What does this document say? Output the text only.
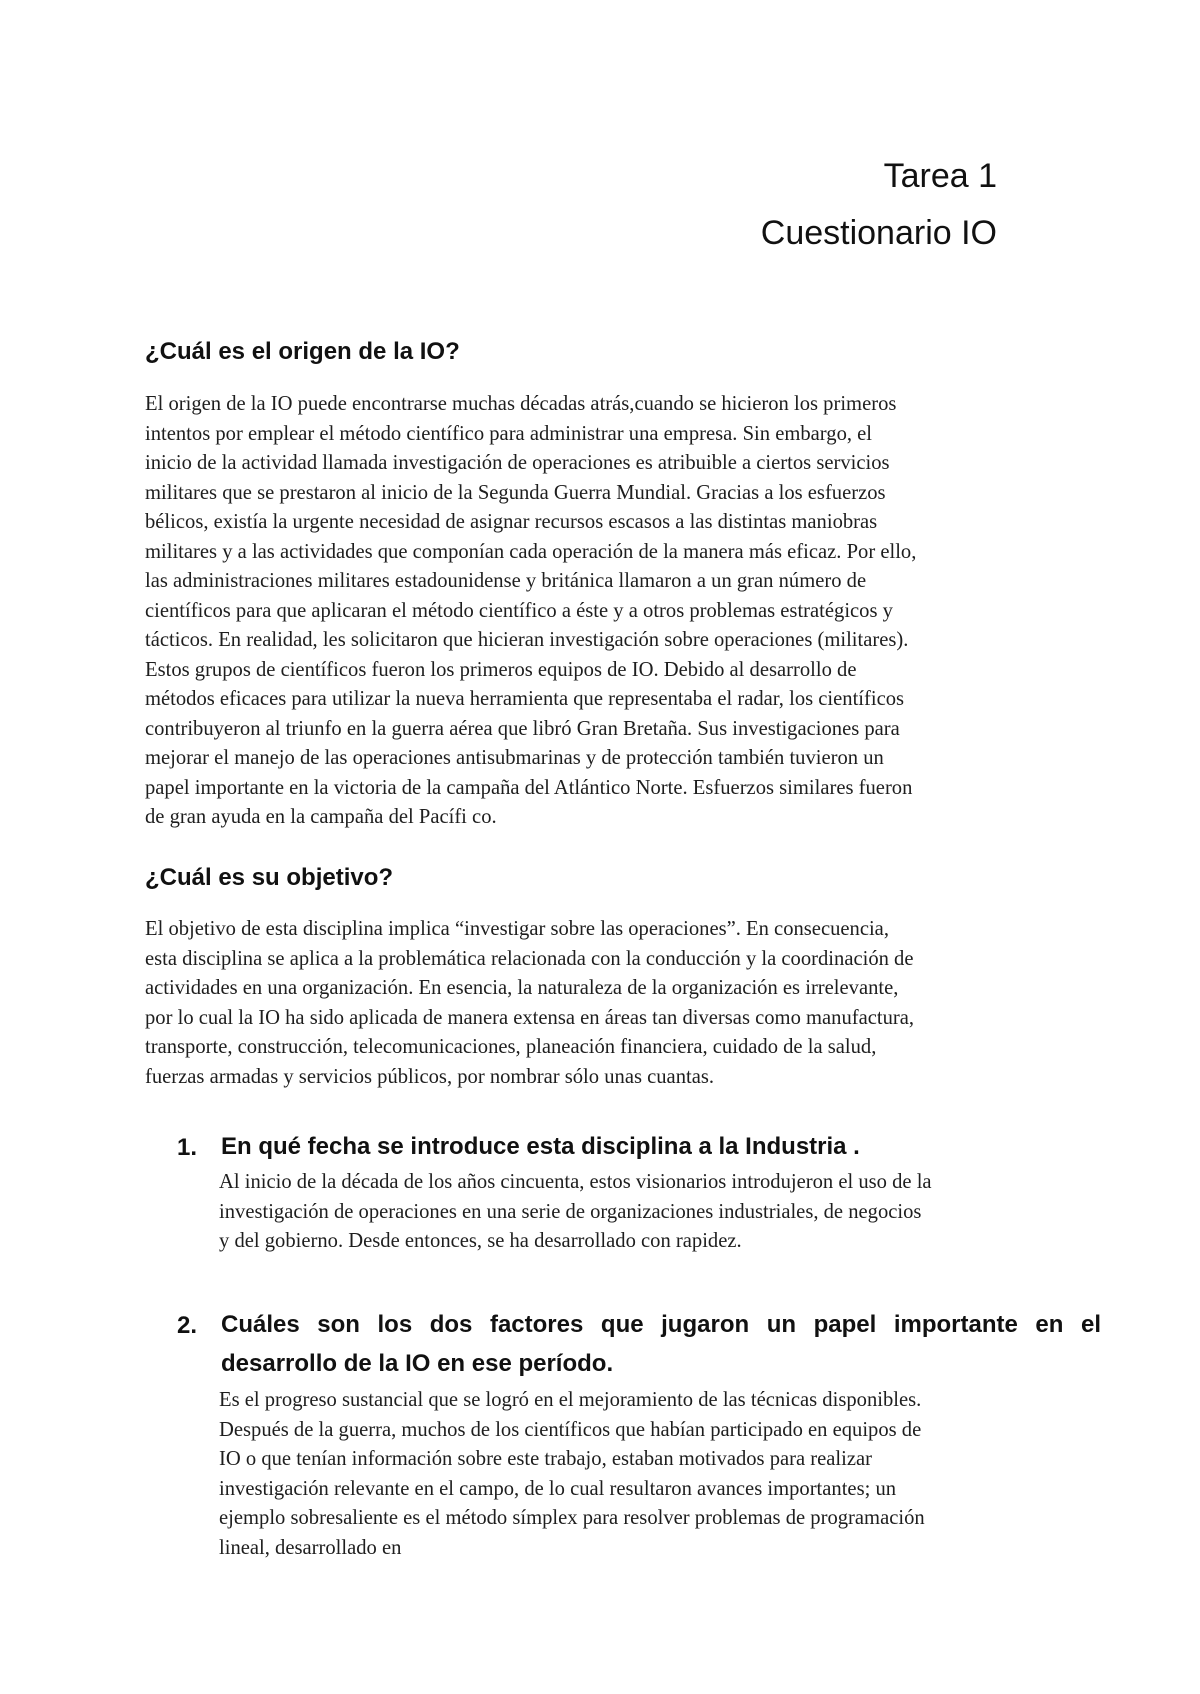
Tarea 1
Cuestionario IO
¿Cuál es el origen de la IO?
El origen de la IO puede encontrarse muchas décadas atrás,cuando se hicieron los primeros
intentos por emplear el método científico para administrar una empresa. Sin embargo, el
inicio de la actividad llamada investigación de operaciones es atribuible a ciertos servicios
militares que se prestaron al inicio de la Segunda Guerra Mundial. Gracias a los esfuerzos
bélicos, existía la urgente necesidad de asignar recursos escasos a las distintas maniobras
militares y a las actividades que componían cada operación de la manera más eficaz. Por ello,
las administraciones militares estadounidense y británica llamaron a un gran número de
científicos para que aplicaran el método científico a éste y a otros problemas estratégicos y
tácticos. En realidad, les solicitaron que hicieran investigación sobre operaciones (militares).
Estos grupos de científicos fueron los primeros equipos de IO. Debido al desarrollo de
métodos eficaces para utilizar la nueva herramienta que representaba el radar, los científicos
contribuyeron al triunfo en la guerra aérea que libró Gran Bretaña. Sus investigaciones para
mejorar el manejo de las operaciones antisubmarinas y de protección también tuvieron un
papel importante en la victoria de la campaña del Atlántico Norte. Esfuerzos similares fueron
de gran ayuda en la campaña del Pacífi co.
¿Cuál es su objetivo?
El objetivo de esta disciplina implica “investigar sobre las operaciones”. En consecuencia,
esta disciplina se aplica a la problemática relacionada con la conducción y la coordinación de
actividades en una organización. En esencia, la naturaleza de la organización es irrelevante,
por lo cual la IO ha sido aplicada de manera extensa en áreas tan diversas como manufactura,
transporte, construcción, telecomunicaciones, planeación financiera, cuidado de la salud,
fuerzas armadas y servicios públicos, por nombrar sólo unas cuantas.
1. En qué fecha se introduce esta disciplina a la Industria .
Al inicio de la década de los años cincuenta, estos visionarios introdujeron el uso de la
investigación de operaciones en una serie de organizaciones industriales, de negocios
y del gobierno. Desde entonces, se ha desarrollado con rapidez.
2. Cuáles son los dos factores que jugaron un papel importante en el
desarrollo de la IO en ese período.
Es el progreso sustancial que se logró en el mejoramiento de las técnicas disponibles.
Después de la guerra, muchos de los científicos que habían participado en equipos de
IO o que tenían información sobre este trabajo, estaban motivados para realizar
investigación relevante en el campo, de lo cual resultaron avances importantes; un
ejemplo sobresaliente es el método símplex para resolver problemas de programación
lineal, desarrollado en
